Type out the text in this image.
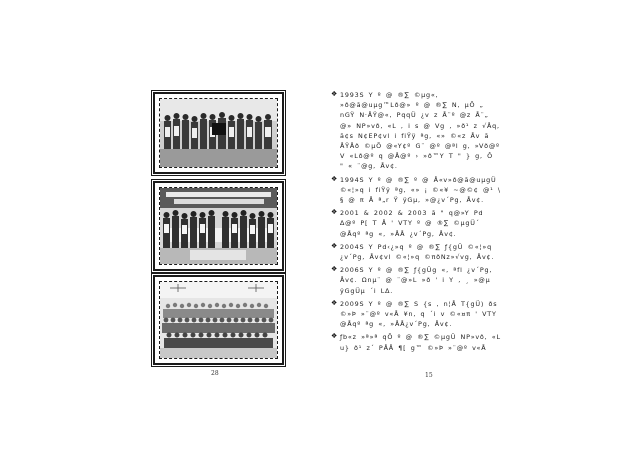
28
❖ 1993S Y º @ ®∑ ©µg«, »ð@ã@uµg™Lð@» º @ ®∑ N, µÕ „ nGŸ N·ÅŸ@«, PqqÜ ¿v z Å¨º @z Å¨„ @» NP»vð, «L , i s @ Vg , »ð¹ z √Åq, ã¢s N¢EP¢vl i fiŸÿ ªg, «» ©«z Åv ã ÅŸÅð ©µÕ @«Y¢º G¨ @º @ªl g, »Vð@º V «Lð@º q @Å@º › »ð™Y T " } g, Ô " « ¨@g, Åv¢.
❖ 1994S Y º @ ®∑ º @ Å«v»ð@ã@uµgÜ ©«¦»q i fiŸÿ ªg, «» ¡ ©«¥ ~@©¢ @¹ \ § @ π Å ª„r Ÿ ÿGµ, »@¿v´Pg, Åv¢.
❖ 2001 & 2002 & 2003 ã " q@»Y Pd ∆@º P[ T Å ' VTY º @ ®∑ ©µgÜ´ @Åqº ªg «, »ÅÅ ¿v´Pg, Åv¢.
❖ 2004S Y Pd‹¿»q º @ ®∑ ƒ{gÜ ©«¦»q ¿v´Pg, Åv¢vl ©«¦»q ©πðNz»√vg, Åv¢.
❖ 2006S Y º @ ®∑ ƒ{gÜg «, ªfl ¿v´Pg, Åv¢. Ωnµ¨ @ ¨@»L »ð ' i Y , ¸ »@µ ÿGgÜµ ´i L∆.
❖ 2009S Y º @ ®∑ S {s , n¦Å T{gÜ) ðs ©»Þ »¨@º v«Å ¥n, q ´i v ©«¤π ' VTY @Åqº ªg «, »ÅÅ¿v´Pg, Åv¢.
❖ ƒb«z »ª»ª qÕ º @ ®∑ ©µgÜ NP»vð, «L u} ð¹ z´ PÅÅ ¶[ g™ ©»Þ »¨@º v«Å
15
